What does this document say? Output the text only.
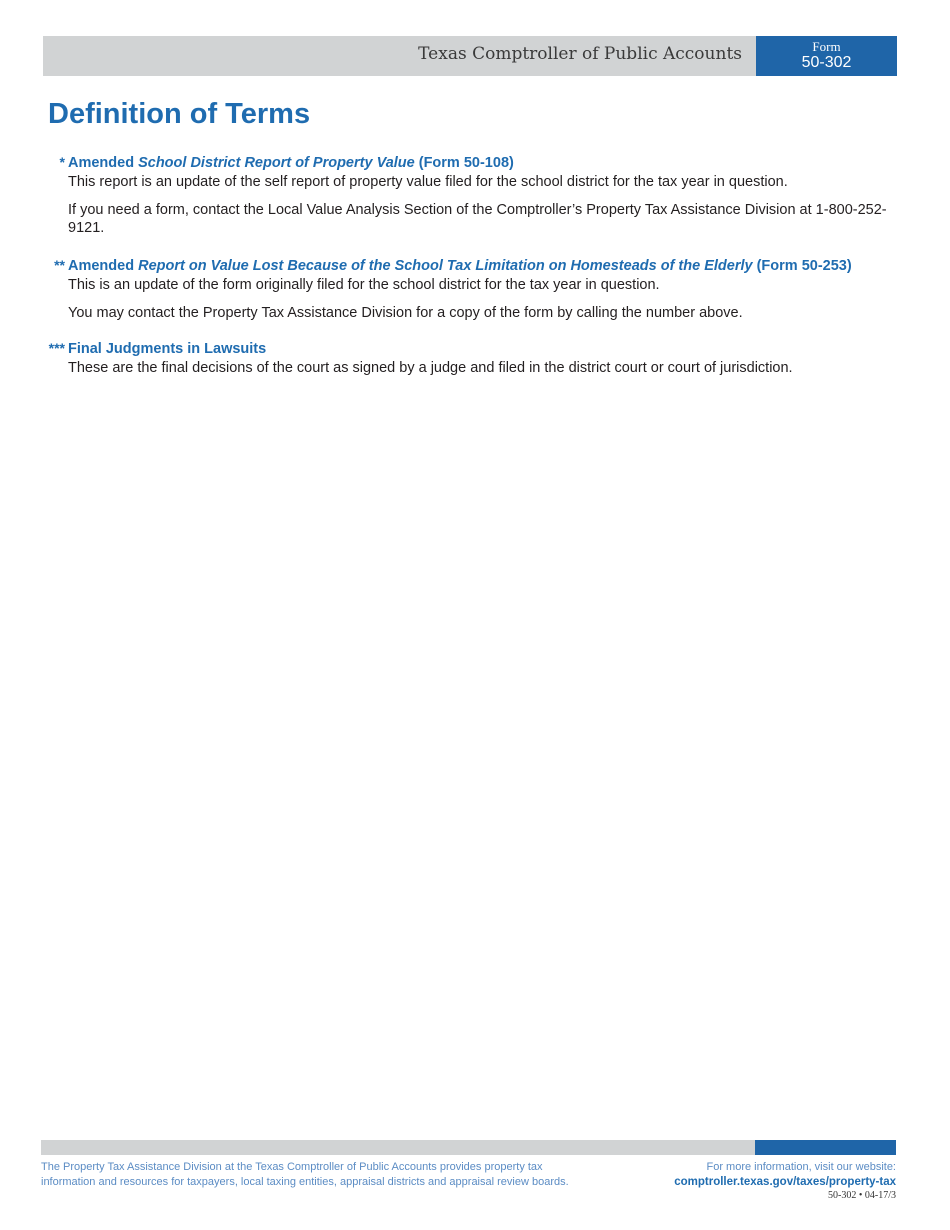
Texas Comptroller of Public Accounts	Form
50-302
Definition of Terms
* Amended School District Report of Property Value (Form 50-108)

This report is an update of the self report of property value filed for the school district for the tax year in question.

If you need a form, contact the Local Value Analysis Section of the Comptroller’s Property Tax Assistance Division at 1-800-252-9121.

** Amended Report on Value Lost Because of the School Tax Limitation on Homesteads of the Elderly (Form 50-253)

This is an update of the form originally filed for the school district for the tax year in question.

You may contact the Property Tax Assistance Division for a copy of the form by calling the number above.

*** Final Judgments in Lawsuits

These are the final decisions of the court as signed by a judge and filed in the district court or court of jurisdiction.

The Property Tax Assistance Division at the Texas Comptroller of Public Accounts provides property tax information and resources for taxpayers, local taxing entities, appraisal districts and appraisal review boards.
For more information, visit our website:
comptroller.texas.gov/taxes/property-tax
50-302 • 04-17/3
